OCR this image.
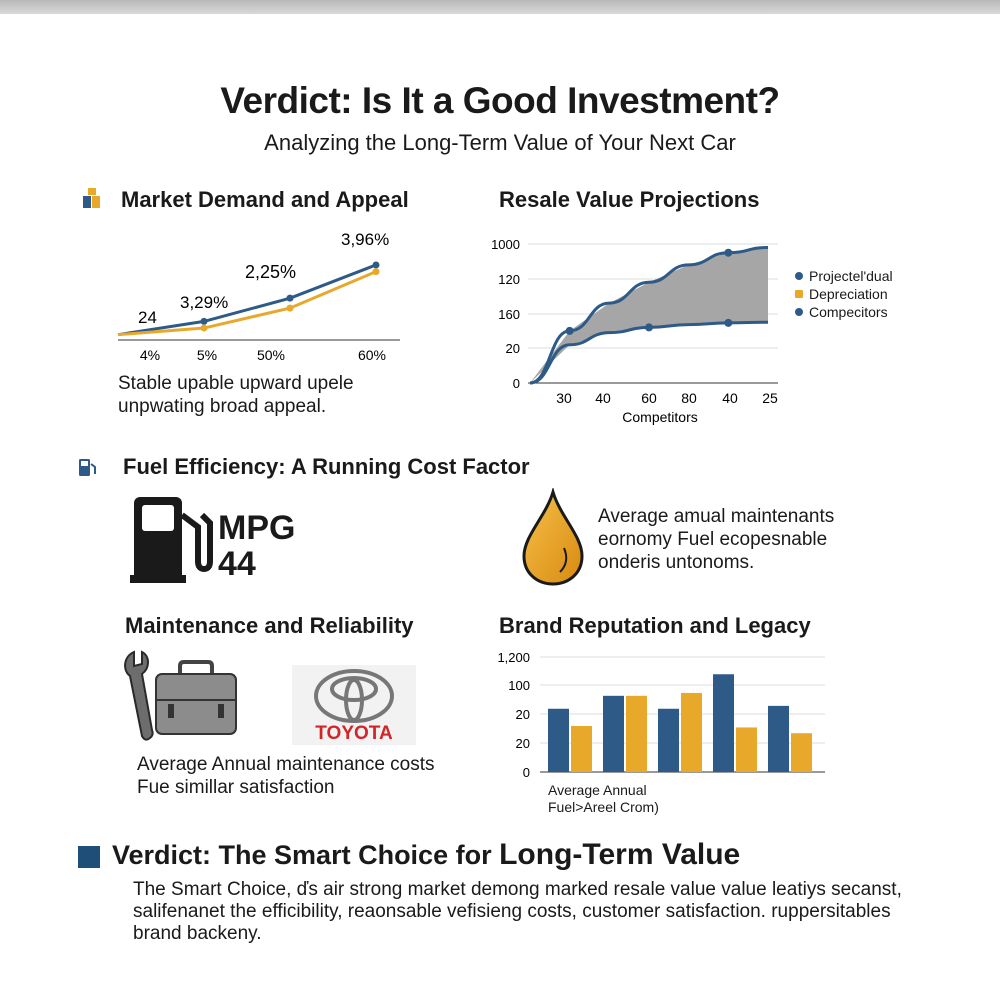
Verdict: Is It a Good Investment?
Analyzing the Long-Term Value of Your Next Car
Market Demand and Appeal
24
3,29%
2,25%
3,96%
4%	5%	50%	60%
Stable upable upward upele unpwating broad appeal.
Resale Value Projections
0
20
160
120
1000
30 40 60 80 40 25
Competitors
Projectel'dual
Depreciation
Compecitors
Fuel Efficiency: A Running Cost Factor
MPG
44
Average amual maintenants eornomy Fuel ecopesnable onderis untonoms.
Maintenance and Reliability
TOYOTA
Average Annual maintenance costs Fue simillar satisfaction
Brand Reputation and Legacy
0
20
20
100
1,200
Average Annual Fuel>Areel Crom)
Verdict: The Smart Choice for Long-Term Value
The Smart Choice, ďs air strong market demong marked resale value value leatiys secanst, salifenanet the efficibility, reaonsable vefisieng costs, customer satisfaction. ruppersitables brand backeny.
